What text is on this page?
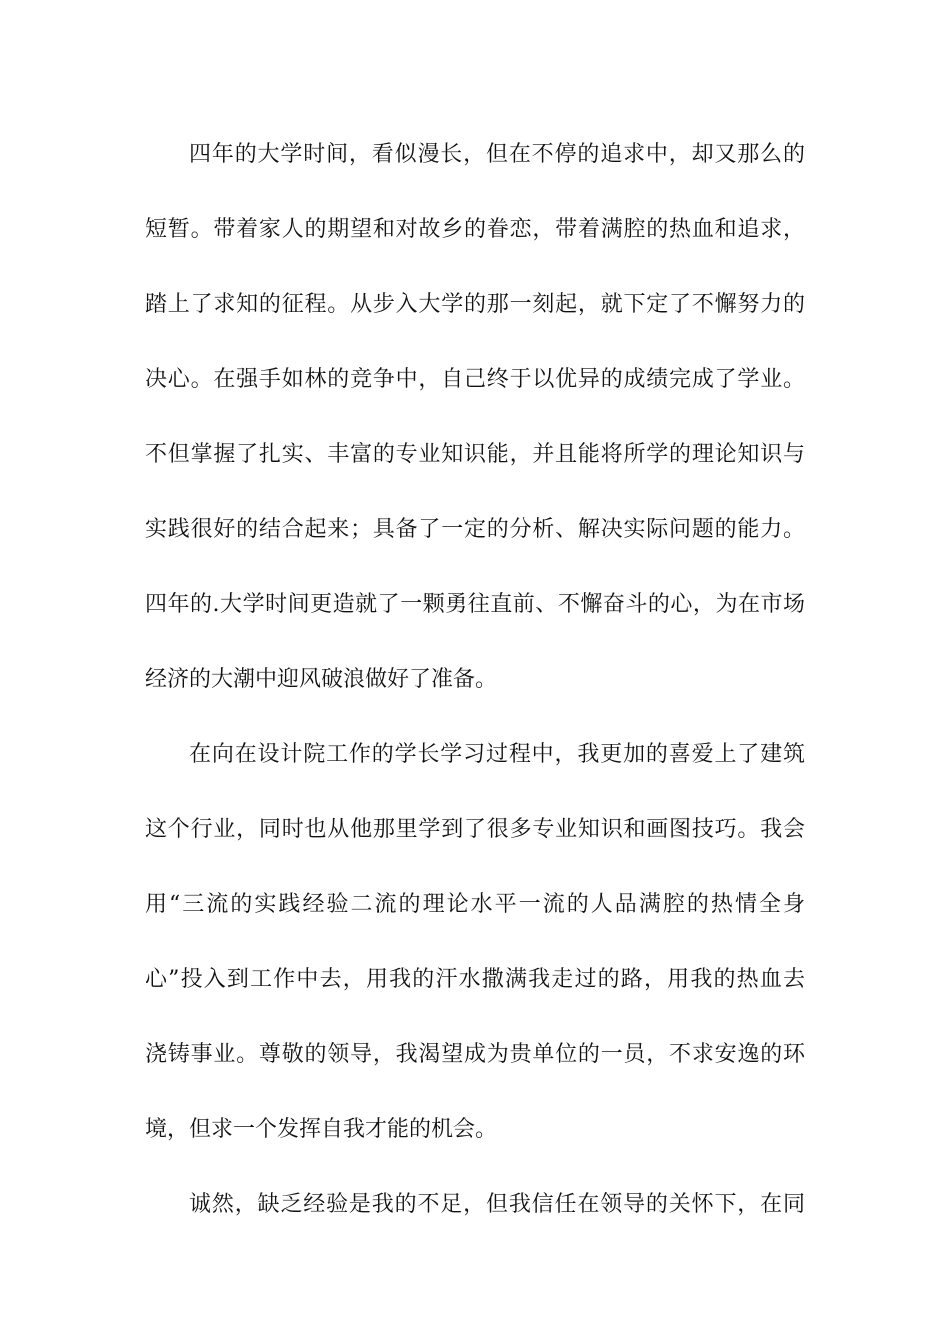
四年的大学时间，看似漫长，但在不停的追求中，却又那么的
短暂。带着家人的期望和对故乡的眷恋，带着满腔的热血和追求，
踏上了求知的征程。从步入大学的那一刻起，就下定了不懈努力的
决心。在强手如林的竞争中，自己终于以优异的成绩完成了学业。
不但掌握了扎实、丰富的专业知识能，并且能将所学的理论知识与
实践很好的结合起来；具备了一定的分析、解决实际问题的能力。
四年的.大学时间更造就了一颗勇往直前、不懈奋斗的心，为在市场
经济的大潮中迎风破浪做好了准备。
在向在设计院工作的学长学习过程中，我更加的喜爱上了建筑
这个行业，同时也从他那里学到了很多专业知识和画图技巧。我会
用“三流的实践经验二流的理论水平一流的人品满腔的热情全身
心”投入到工作中去，用我的汗水撒满我走过的路，用我的热血去
浇铸事业。尊敬的领导，我渴望成为贵单位的一员，不求安逸的环
境，但求一个发挥自我才能的机会。
诚然，缺乏经验是我的不足，但我信任在领导的关怀下，在同
